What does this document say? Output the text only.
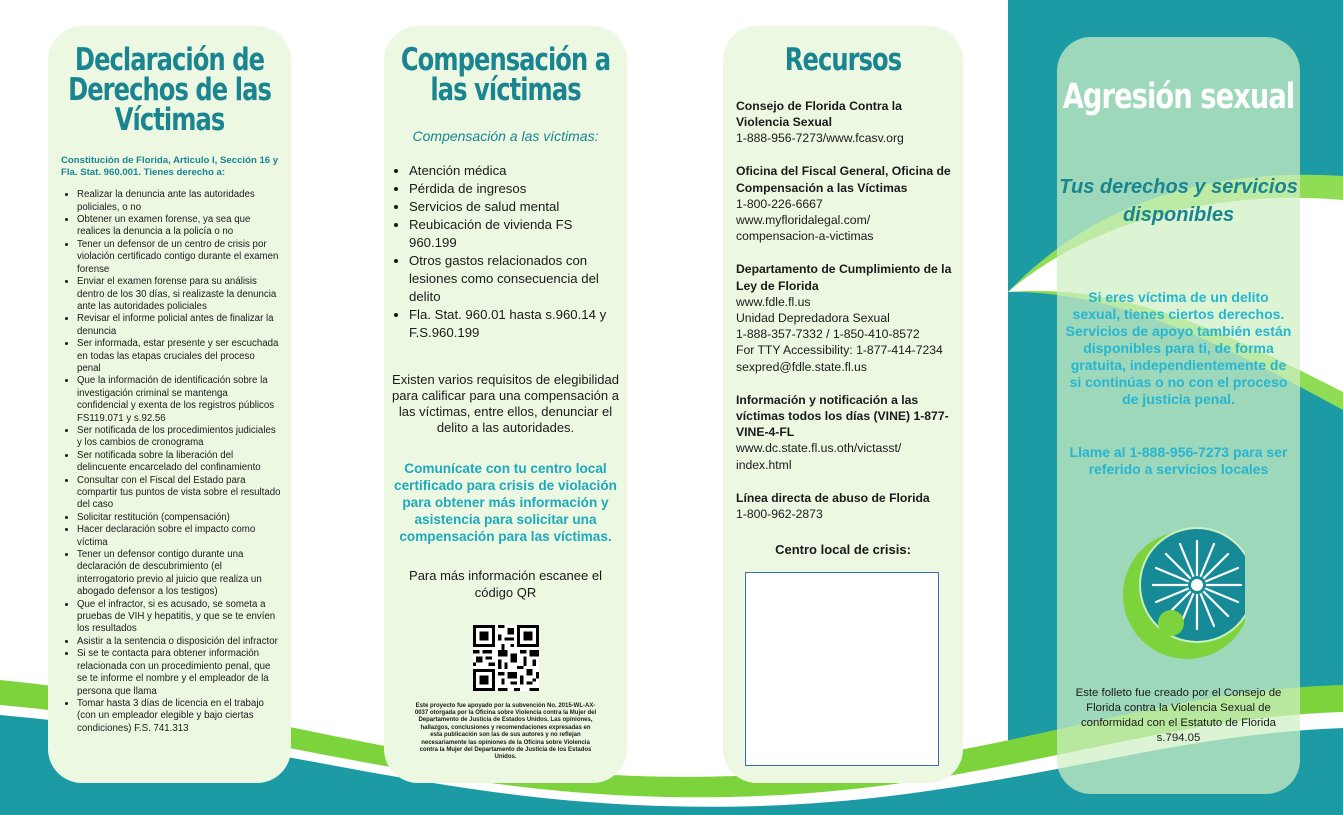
Declaración de Derechos de las Víctimas
Constitución de Florida, Articulo I, Sección 16 y Fla. Stat. 960.001. Tienes derecho a:
• Realizar la denuncia ante las autoridades policiales, o no
• Obtener un examen forense, ya sea que realices la denuncia a la policía o no
• Tener un defensor de un centro de crisis por violación certificado contigo durante el examen forense
• Enviar el examen forense para su análisis dentro de los 30 días, si realizaste la denuncia ante las autoridades policiales
• Revisar el informe policial antes de finalizar la denuncia
• Ser informada, estar presente y ser escuchada en todas las etapas cruciales del proceso penal
• Que la información de identificación sobre la investigación criminal se mantenga confidencial y exenta de los registros públicos FS119.071 y s.92.56
• Ser notificada de los procedimientos judiciales y los cambios de cronograma
• Ser notificada sobre la liberación del delincuente encarcelado del confinamiento
• Consultar con el Fiscal del Estado para compartir tus puntos de vista sobre el resultado del caso
• Solicitar restitución (compensación)
• Hacer declaración sobre el impacto como víctima
• Tener un defensor contigo durante una declaración de descubrimiento (el interrogatorio previo al juicio que realiza un abogado defensor a los testigos)
• Que el infractor, si es acusado, se someta a pruebas de VIH y hepatitis, y que se te envíen los resultados
• Asistir a la sentencia o disposición del infractor
• Si se te contacta para obtener información relacionada con un procedimiento penal, que se te informe el nombre y el empleador de la persona que llama
• Tomar hasta 3 días de licencia en el trabajo (con un empleador elegible y bajo ciertas condiciones) F.S. 741.313
Compensación a las víctimas
Compensación a las víctimas:
• Atención médica
• Pérdida de ingresos
• Servicios de salud mental
• Reubicación de vivienda FS 960.199
• Otros gastos relacionados con lesiones como consecuencia del delito
• Fla. Stat. 960.01 hasta s.960.14 y F.S.960.199
Existen varios requisitos de elegibilidad para calificar para una compensación a las víctimas, entre ellos, denunciar el delito a las autoridades.
Comunícate con tu centro local certificado para crisis de violación para obtener más información y asistencia para solicitar una compensación para las víctimas.
Para más información escanee el código QR
Este proyecto fue apoyado por la subvención No. 2015-WL-AX-0037 otorgada por la Oficina sobre Violencia contra la Mujer del Departamento de Justicia de Estados Unidos. Las opiniones, hallazgos, conclusiones y recomendaciones expresadas en esta publicación son las de sus autores y no reflejan necesariamente las opiniones de la Oficina sobre Violencia contra la Mujer del Departamento de Justicia de los Estados Unidos.
Recursos
Consejo de Florida Contra la Violencia Sexual
1-888-956-7273/www.fcasv.org
Oficina del Fiscal General, Oficina de Compensación a las Víctimas
1-800-226-6667
www.myfloridalegal.com/
compensacion-a-victimas
Departamento de Cumplimiento de la Ley de Florida
www.fdle.fl.us
Unidad Depredadora Sexual
1-888-357-7332 / 1-850-410-8572
For TTY Accessibility: 1-877-414-7234
sexpred@fdle.state.fl.us
Información y notificación a las víctimas todos los días (VINE) 1-877-VINE-4-FL
www.dc.state.fl.us.oth/victasst/
index.html
Línea directa de abuso de Florida
1-800-962-2873
Centro local de crisis:
Agresión sexual
Tus derechos y servicios disponibles
Si eres víctima de un delito sexual, tienes ciertos derechos. Servicios de apoyo también están disponibles para ti, de forma gratuita, independientemente de si continúas o no con el proceso de justicia penal.
Llame al 1-888-956-7273 para ser referido a servicios locales
Este folleto fue creado por el Consejo de Florida contra la Violencia Sexual de conformidad con el Estatuto de Florida s.794.05
